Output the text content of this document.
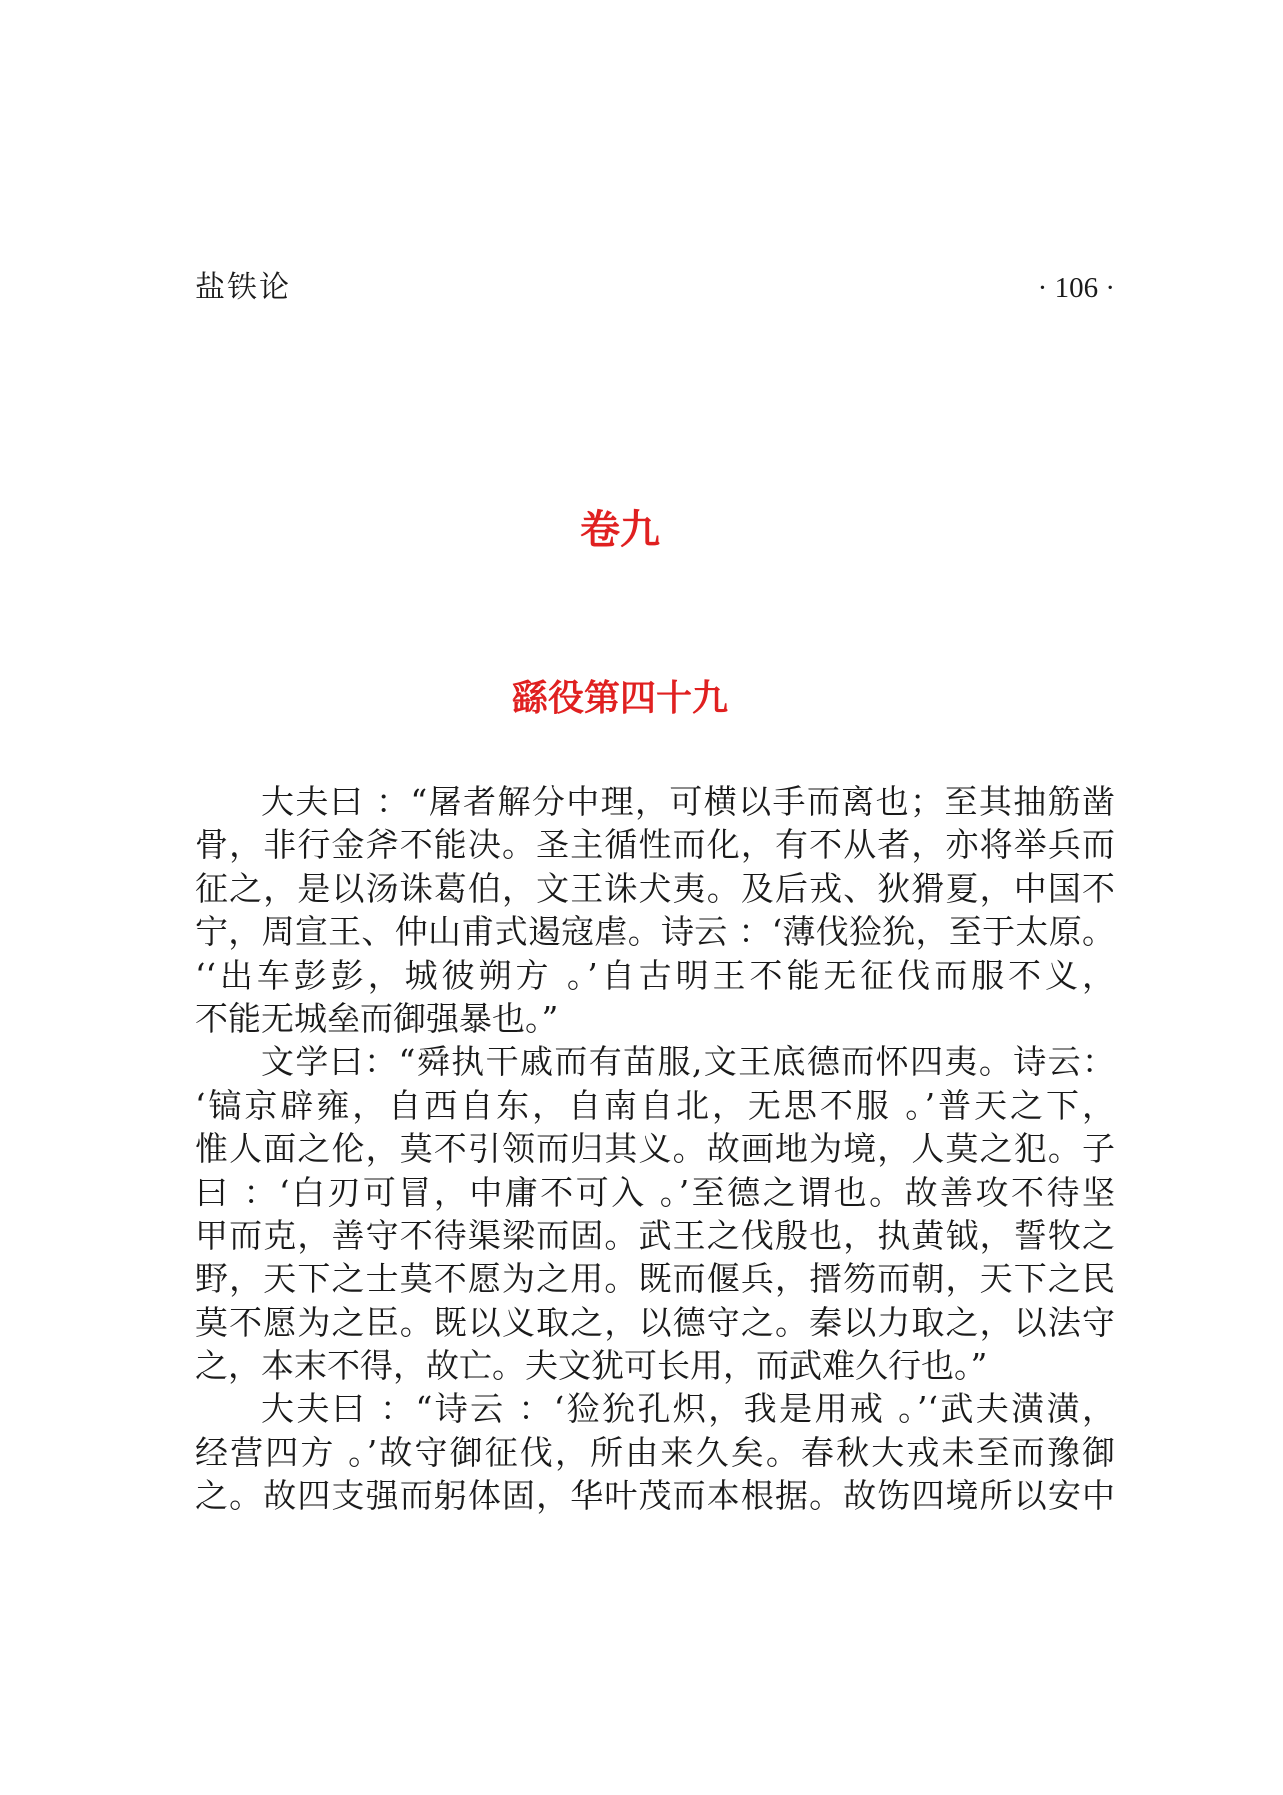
盐铁论	· 106 ·
卷九
繇役第四十九
大夫曰 ：“屠者解分中理，可横以手而离也；至其抽筋凿
骨，非行金斧不能决。圣主循性而化，有不从者，亦将举兵而
征之，是以汤诛葛伯，文王诛犬夷。及后戎、狄猾夏，中国不
宁，周宣王、仲山甫式遏寇虐。诗云 ：‘薄伐猃狁，至于太原。
‘‘出车彭彭，城彼朔方 。’自古明王不能无征伐而服不义，
不能无城垒而御强暴也。”
文学曰：“舜执干戚而有苗服,文王底德而怀四夷。诗云：
‘镐京辟雍，自西自东，自南自北，无思不服 。’普天之下，
惟人面之伦，莫不引领而归其义。故画地为境，人莫之犯。子
曰 ：‘白刃可冒，中庸不可入 。’至德之谓也。故善攻不待坚
甲而克，善守不待渠梁而固。武王之伐殷也，执黄钺，誓牧之
野，天下之士莫不愿为之用。既而偃兵，搢笏而朝，天下之民
莫不愿为之臣。既以义取之，以德守之。秦以力取之，以法守
之，本末不得，故亡。夫文犹可长用，而武难久行也。”
大夫曰 ：“诗云 ：‘猃狁孔炽，我是用戒 。’‘武夫潢潢，
经营四方 。’故守御征伐，所由来久矣。春秋大戎未至而豫御
之。故四支强而躬体固，华叶茂而本根据。故饬四境所以安中
